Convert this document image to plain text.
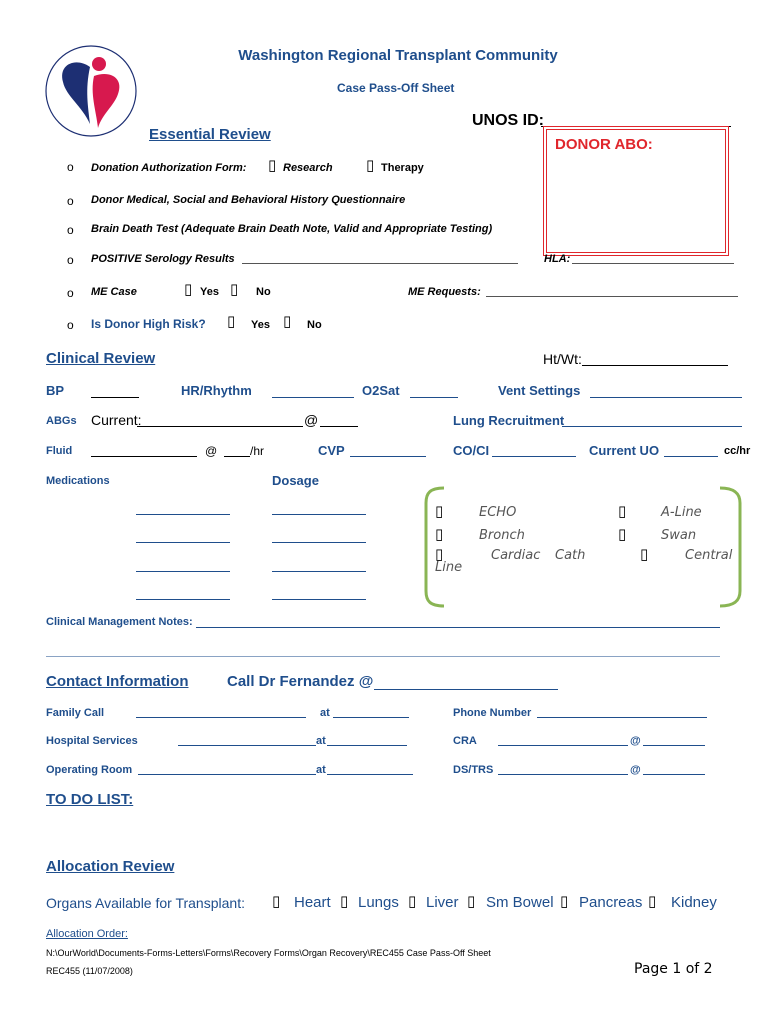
Washington Regional Transplant Community
Case Pass-Off Sheet
UNOS ID:
DONOR ABO:
Essential Review
o Donation Authorization Form: ▯ Research ▯ Therapy
o Donor Medical, Social and Behavioral History Questionnaire
o Brain Death Test (Adequate Brain Death Note, Valid and Appropriate Testing)
o POSITIVE Serology Results	HLA:
o ME Case	▯ Yes ▯ No	ME Requests:
o Is Donor High Risk? ▯ Yes ▯ No
Clinical Review	Ht/Wt:
BP	HR/Rhythm	O2Sat	Vent Settings
ABGs Current:	@	Lung Recruitment
Fluid	@	/hr	CVP	CO/CI	Current UO	cc/hr
Medications	Dosage
▯	ECHO	▯	A-Line
▯	Bronch	▯	Swan
▯	Cardiac Cath	▯	Central
Line
Clinical Management Notes:
Contact Information	Call Dr Fernandez @
Family Call	at	Phone Number
Hospital Services	at	CRA	@
Operating Room	at	DS/TRS	@
TO DO LIST:
Allocation Review
Organs Available for Transplant: ▯ Heart ▯ Lungs ▯ Liver ▯ Sm Bowel ▯ Pancreas ▯ Kidney
Allocation Order:
N:\OurWorld\Documents-Forms-Letters\Forms\Recovery Forms\Organ Recovery\REC455 Case Pass-Off Sheet
REC455 (11/07/2008)	Page 1 of 2
